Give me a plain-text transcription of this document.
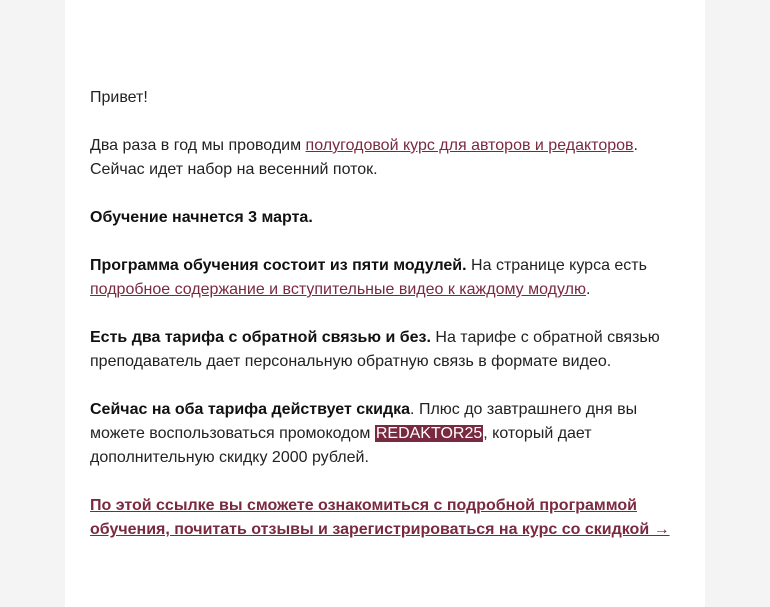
Привет!

Два раза в год мы проводим полугодовой курс для авторов и редакторов. Сейчас идет набор на весенний поток.

Обучение начнется 3 марта.

Программа обучения состоит из пяти модулей. На странице курса есть подробное содержание и вступительные видео к каждому модулю.

Есть два тарифа с обратной связью и без. На тарифе с обратной связью преподаватель дает персональную обратную связь в формате видео.

Сейчас на оба тарифа действует скидка. Плюс до завтрашнего дня вы можете воспользоваться промокодом REDAKTOR25, который дает дополнительную скидку 2000 рублей.

По этой ссылке вы сможете ознакомиться с подробной программой обучения, почитать отзывы и зарегистрироваться на курс со скидкой →
